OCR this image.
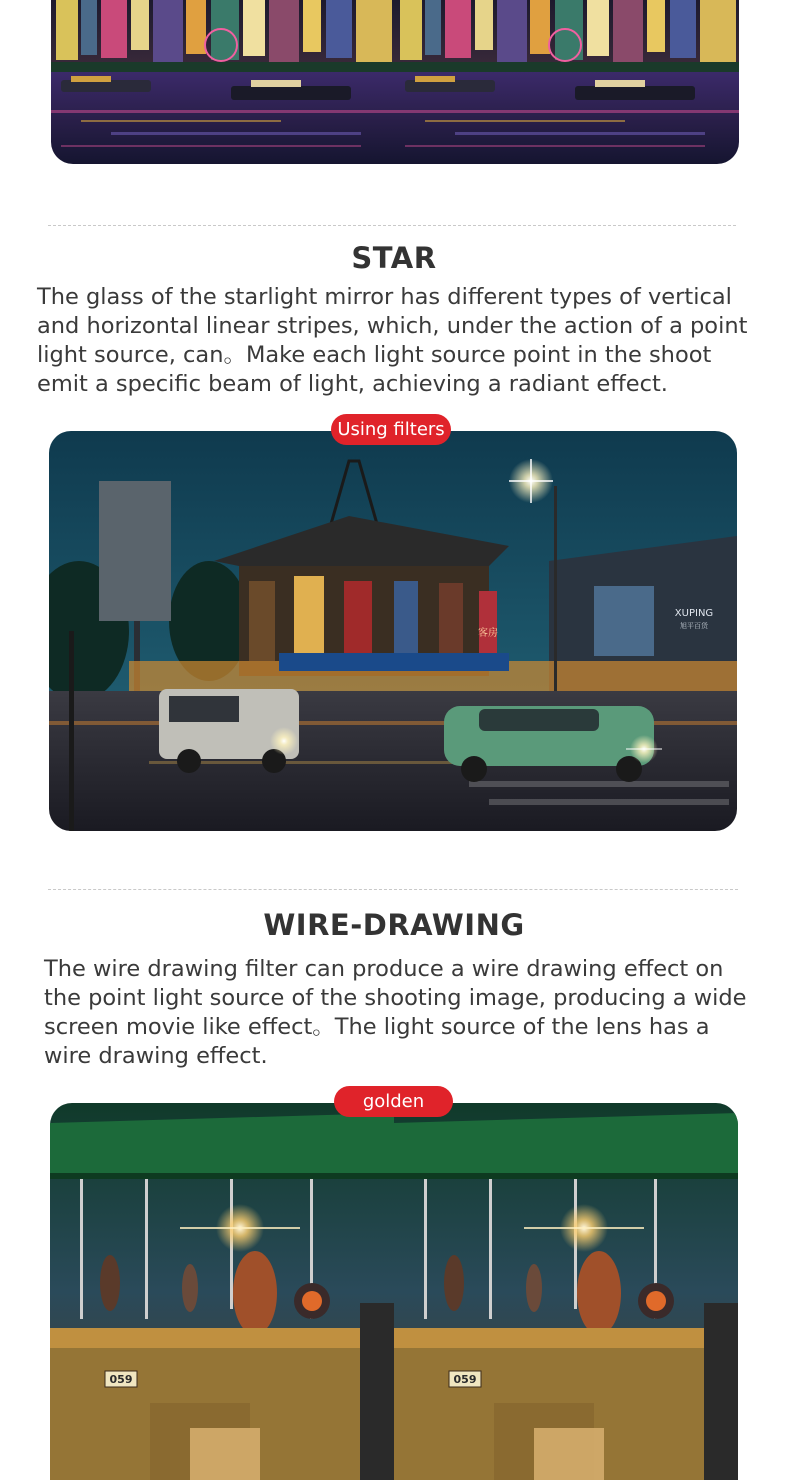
STAR
The glass of the starlight mirror has different types of vertical and horizontal linear stripes, which, under the action of a point light source, can。Make each light source point in the shoot emit a specific beam of light, achieving a radiant effect.
Using filters
客房
XUPING
旭平百货
WIRE-DRAWING
The wire drawing filter can produce a wire drawing effect on the point light source of the shooting image, producing a wide screen movie like effect。The light source of the lens has a wire drawing effect.
golden
059
